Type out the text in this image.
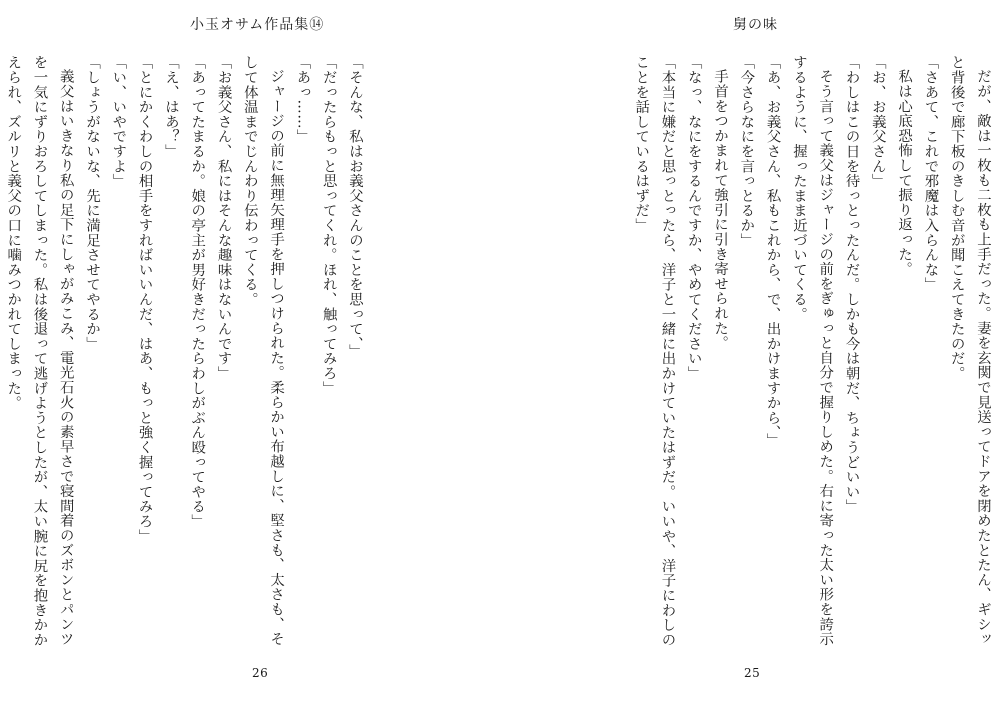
小玉オサム作品集⑭

「そんな、私はお義父さんのことを思って、」

「だったらもっと思ってくれ。ほれ、触ってみろ」

「あっ……」

ジャージの前に無理矢理手を押しつけられた。柔らかい布越しに、堅さも、太さも、そして体温までじんわり伝わってくる。

「お義父さん、私にはそんな趣味はないんです」

「あってたまるか。娘の亭主が男好きだったらわしがぶん殴ってやる」

「え、はあ？」

「とにかくわしの相手をすればいいんだ、はあ、もっと強く握ってみろ」

「い、いやですよ」

「しょうがないな、先に満足させてやるか」

義父はいきなり私の足下にしゃがみこみ、電光石火の素早さで寝間着のズボンとパンツを一気にずりおろしてしまった。私は後退って逃げようとしたが、太い腕に尻を抱きかかえられ、ズルリと義父の口に噛みつかれてしまった。

26
舅の味

だが、敵は一枚も二枚も上手だった。妻を玄関で見送ってドアを閉めたとたん、ギシッと背後で廊下板のきしむ音が聞こえてきたのだ。

「さあて、これで邪魔は入らんな」

私は心底恐怖して振り返った。

「お、お義父さん」

「わしはこの日を待っとったんだ。しかも今は朝だ、ちょうどいい」

そう言って義父はジャージの前をぎゅっと自分で握りしめた。右に寄った太い形を誇示するように、握ったまま近づいてくる。

「あ、お義父さん、私もこれから、で、出かけますから、」

「今さらなにを言っとるか」

手首をつかまれて強引に引き寄せられた。

「なっ、なにをするんですか、やめてください」

「本当に嫌だと思っとったら、洋子と一緒に出かけていたはずだ。いいや、洋子にわしのことを話しているはずだ」

25
